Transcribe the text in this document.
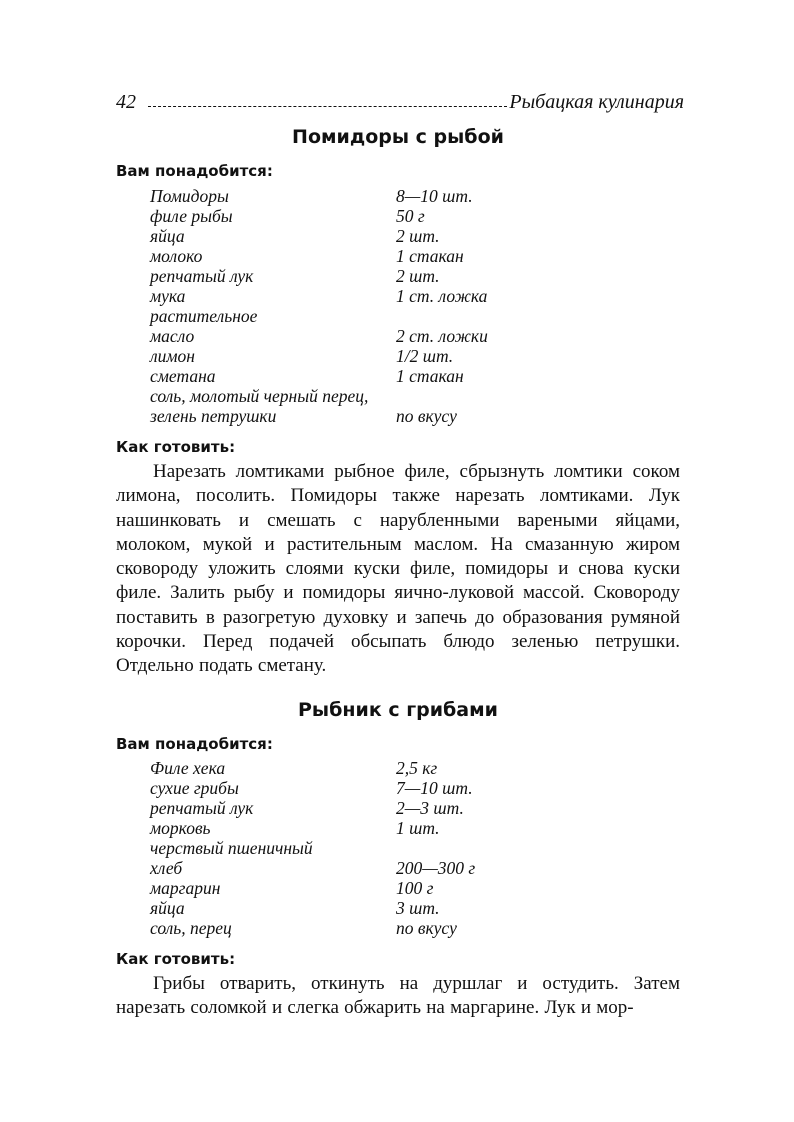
42	Рыбацкая кулинария
Помидоры с рыбой
Вам понадобится:
Помидоры	8—10 шт.
филе рыбы	50 г
яйца	2 шт.
молоко	1 стакан
репчатый лук	2 шт.
мука	1 ст. ложка
растительное
масло	2 ст. ложки
лимон	1/2 шт.
сметана	1 стакан
соль, молотый черный перец,
зелень петрушки	по вкусу
Как готовить:

Нарезать ломтиками рыбное филе, сбрызнуть ломтики соком лимона, посолить. Помидоры также нарезать ломтиками. Лук нашинковать и смешать с нарубленными вареными яйцами, молоком, мукой и растительным маслом. На смазанную жиром сковороду уложить слоями куски филе, помидоры и снова куски филе. Залить рыбу и помидоры яично-луковой массой. Сковороду поставить в разогретую духовку и запечь до образования румяной корочки. Перед подачей обсыпать блюдо зеленью петрушки. Отдельно подать сметану.

Рыбник с грибами
Вам понадобится:
Филе хека	2,5 кг
сухие грибы	7—10 шт.
репчатый лук	2—3 шт.
морковь	1 шт.
черствый пшеничный
хлеб	200—300 г
маргарин	100 г
яйца	3 шт.
соль, перец	по вкусу
Как готовить:

Грибы отварить, откинуть на дуршлаг и остудить. Затем нарезать соломкой и слегка обжарить на маргарине. Лук и мор-
